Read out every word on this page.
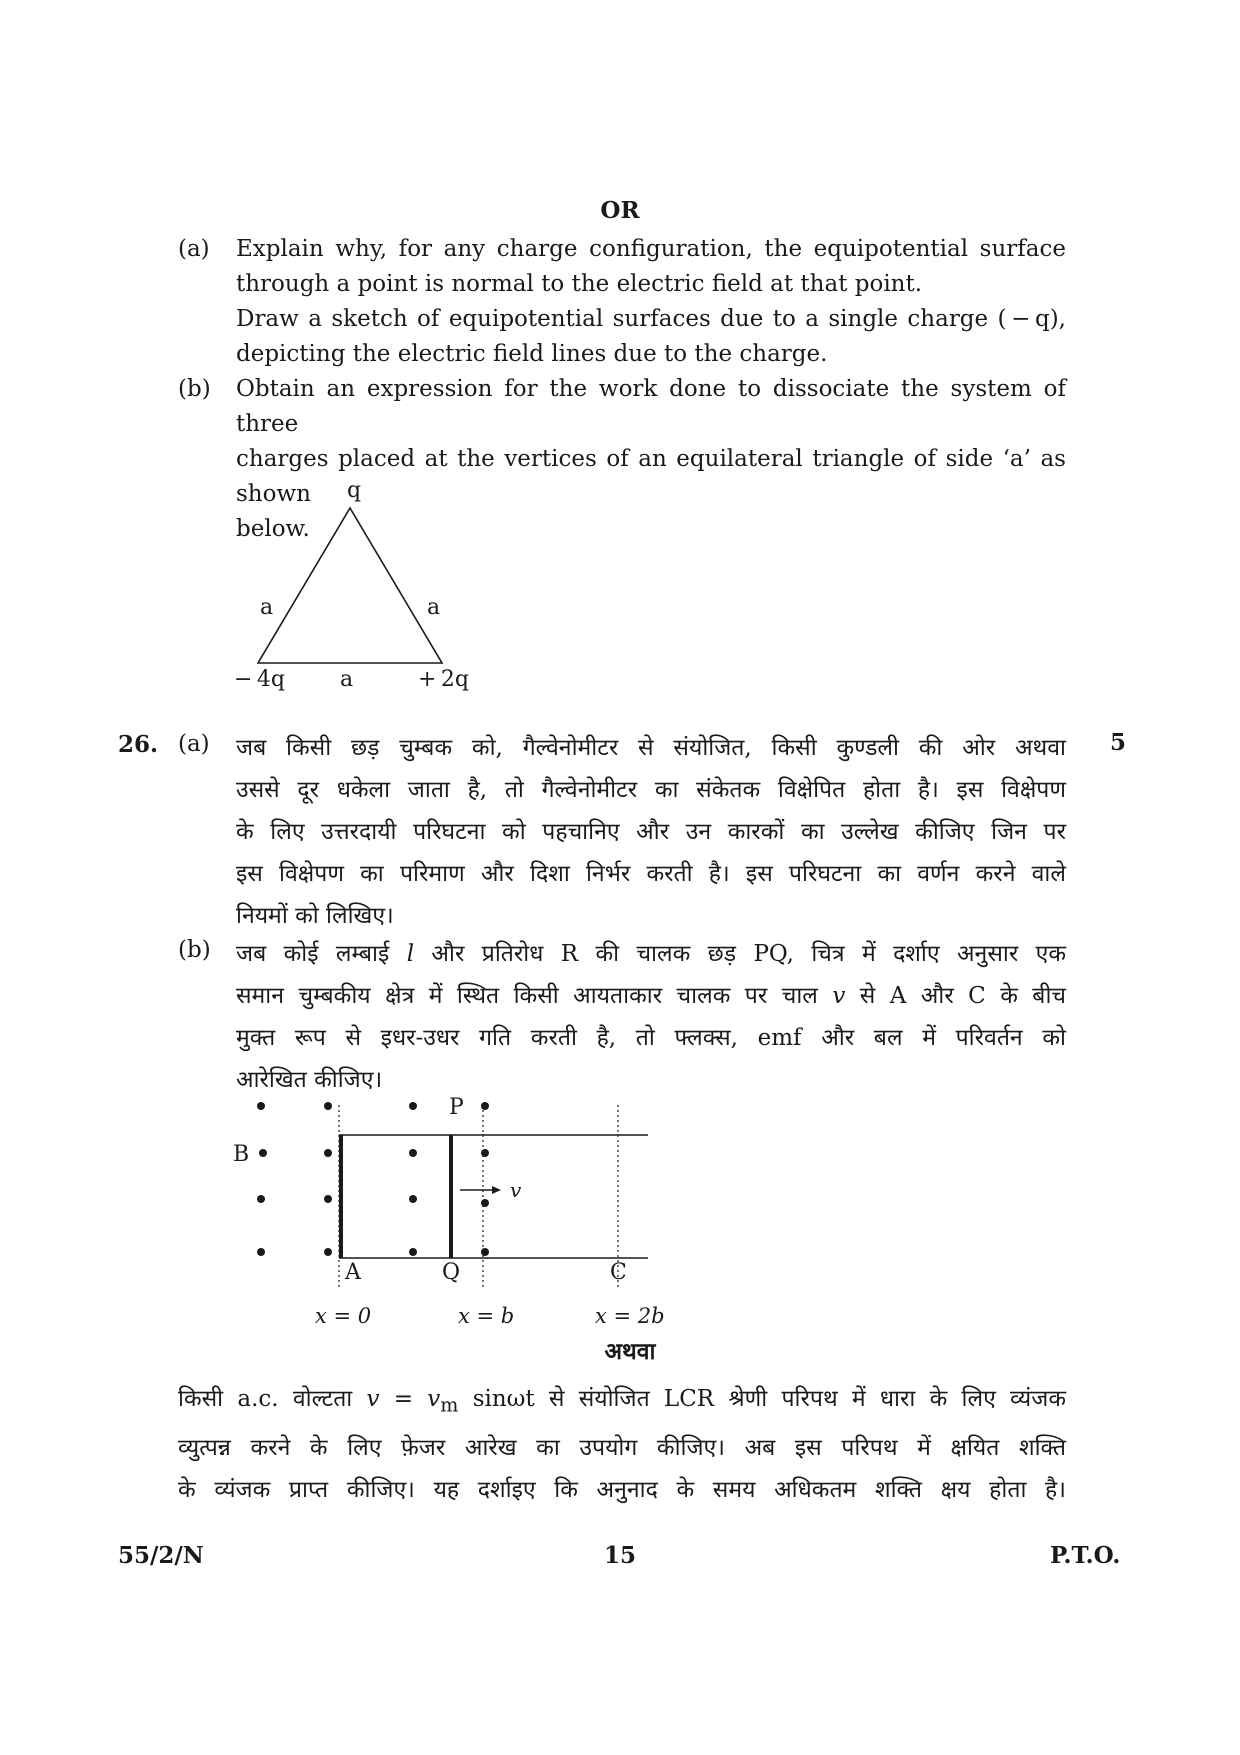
OR
(a) Explain why, for any charge configuration, the equipotential surface
through a point is normal to the electric field at that point.
Draw a sketch of equipotential surfaces due to a single charge ( − q),
depicting the electric field lines due to the charge.
(b) Obtain an expression for the work done to dissociate the system of three
charges placed at the vertices of an equilateral triangle of side ‘a’ as shown
below.
q
a	a
a
− 4q	+ 2q
26. (a)	5
जब किसी छड़ चुम्बक को, गैल्वेनोमीटर से संयोजित, किसी कुण्डली की ओर अथवा
उससे दूर धकेला जाता है, तो गैल्वेनोमीटर का संकेतक विक्षेपित होता है। इस विक्षेपण
के लिए उत्तरदायी परिघटना को पहचानिए और उन कारकों का उल्लेख कीजिए जिन पर
इस विक्षेपण का परिमाण और दिशा निर्भर करती है। इस परिघटना का वर्णन करने वाले
नियमों को लिखिए।
(b) जब कोई लम्बाई l और प्रतिरोध R की चालक छड़ PQ, चित्र में दर्शाए अनुसार एक
समान चुम्बकीय क्षेत्र में स्थित किसी आयताकार चालक पर चाल v से A और C के बीच
मुक्त रूप से इधर-उधर गति करती है, तो फ्लक्स, emf और बल में परिवर्तन को
आरेखित कीजिए।
P
B
v
A	Q	C
x = 0	x = b	x = 2b
अथवा
किसी a.c. वोल्टता $v = v_m$ sinωt से संयोजित LCR श्रेणी परिपथ में धारा के लिए व्यंजक
व्युत्पन्न करने के लिए फ़ेजर आरेख का उपयोग कीजिए। अब इस परिपथ में क्षयित शक्ति
के व्यंजक प्राप्त कीजिए। यह दर्शाइए कि अनुनाद के समय अधिकतम शक्ति क्षय होता है।
55/2/N	15	P.T.O.
